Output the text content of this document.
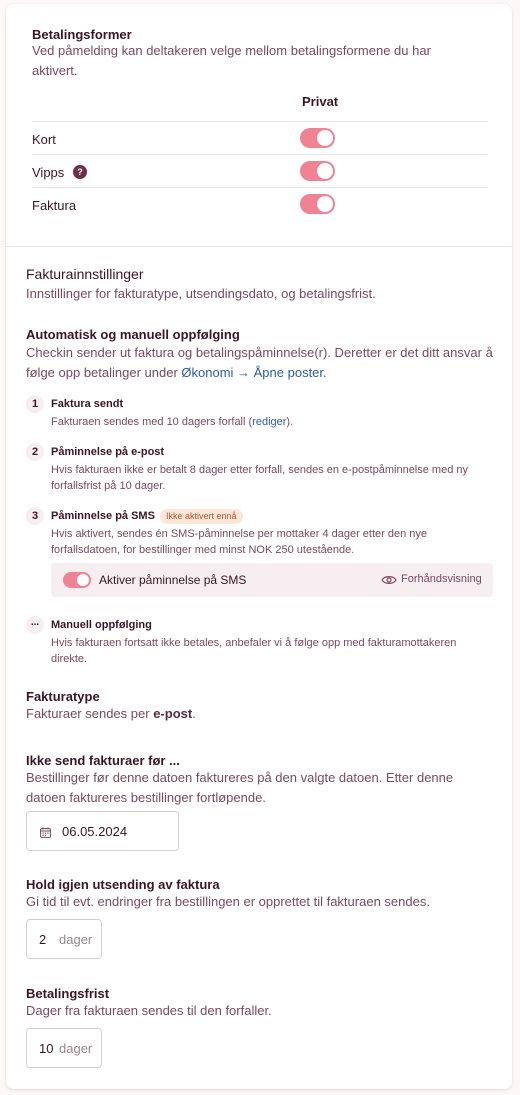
Betalingsformer
Ved påmelding kan deltakeren velge mellom betalingsformene du har aktivert.
Privat
Kort
Vipps	?
Faktura
Fakturainnstillinger
Innstillinger for fakturatype, utsendingsdato, og betalingsfrist.
Automatisk og manuell oppfølging
Checkin sender ut faktura og betalingspåminnelse(r). Deretter er det ditt ansvar å følge opp betalinger under Økonomi → Åpne poster.
1	Faktura sendt
Fakturaen sendes med 10 dagers forfall (rediger).
2	Påminnelse på e-post
Hvis fakturaen ikke er betalt 8 dager etter forfall, sendes en e-postpåminnelse med ny forfallsfrist på 10 dager.
3	Påminnelse på SMS	Ikke aktivert ennå
Hvis aktivert, sendes én SMS-påminnelse per mottaker 4 dager etter den nye forfallsdatoen, for bestillinger med minst NOK 250 utestående.
Aktiver påminnelse på SMS	Forhåndsvisning
...	Manuell oppfølging
Hvis fakturaen fortsatt ikke betales, anbefaler vi å følge opp med fakturamottakeren direkte.
Fakturatype
Fakturaer sendes per e-post.
Ikke send fakturaer før ...
Bestillinger før denne datoen faktureres på den valgte datoen. Etter denne datoen faktureres bestillinger fortløpende.
06.05.2024
Hold igjen utsending av faktura
Gi tid til evt. endringer fra bestillingen er opprettet til fakturaen sendes.
2 dager
Betalingsfrist
Dager fra fakturaen sendes til den forfaller.
10 dager
